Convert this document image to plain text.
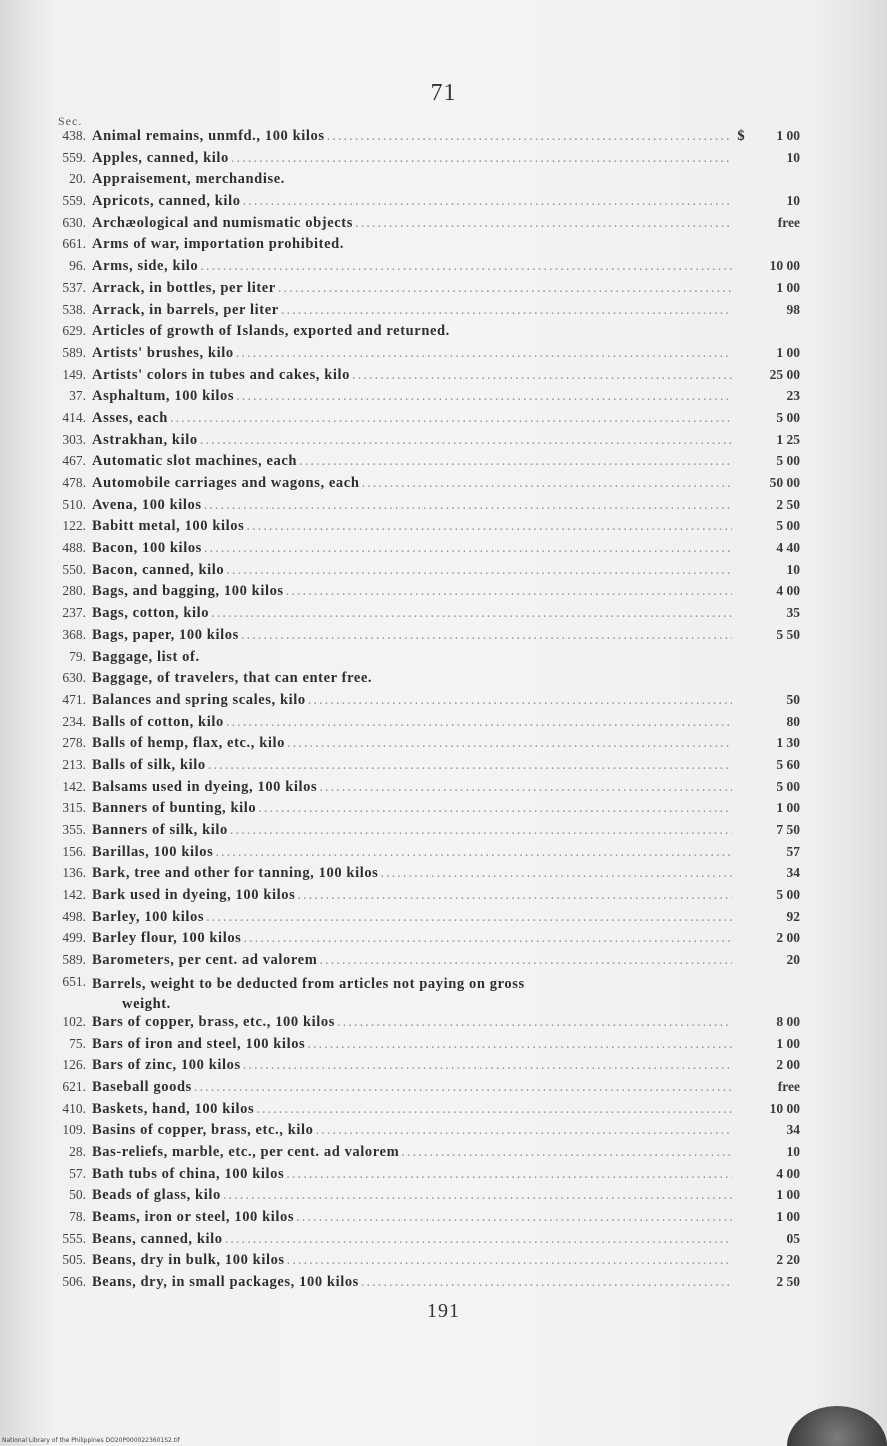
71
Sec.
438. Animal remains, unmfd., 100 kilos .....	$	1 00
559. Apples, canned, kilo .....	10
20. Appraisement, merchandise.
559. Apricots, canned, kilo .....	10
630. Archæological and numismatic objects .....	free
661. Arms of war, importation prohibited.
96. Arms, side, kilo .....	10 00
537. Arrack, in bottles, per liter .....	1 00
538. Arrack, in barrels, per liter .....	98
629. Articles of growth of Islands, exported and returned.
589. Artists' brushes, kilo .....	1 00
149. Artists' colors in tubes and cakes, kilo .....	25 00
37. Asphaltum, 100 kilos .....	23
414. Asses, each .....	5 00
303. Astrakhan, kilo .....	1 25
467. Automatic slot machines, each .....	5 00
478. Automobile carriages and wagons, each .....	50 00
510. Avena, 100 kilos .....	2 50
122. Babitt metal, 100 kilos .....	5 00
488. Bacon, 100 kilos .....	4 40
550. Bacon, canned, kilo .....	10
280. Bags, and bagging, 100 kilos .....	4 00
237. Bags, cotton, kilo .....	35
368. Bags, paper, 100 kilos .....	5 50
79. Baggage, list of.
630. Baggage, of travelers, that can enter free.
471. Balances and spring scales, kilo .....	50
234. Balls of cotton, kilo .....	80
278. Balls of hemp, flax, etc., kilo .....	1 30
213. Balls of silk, kilo .....	5 60
142. Balsams used in dyeing, 100 kilos .....	5 00
315. Banners of bunting, kilo .....	1 00
355. Banners of silk, kilo .....	7 50
156. Barillas, 100 kilos .....	57
136. Bark, tree and other for tanning, 100 kilos .....	34
142. Bark used in dyeing, 100 kilos .....	5 00
498. Barley, 100 kilos .....	92
499. Barley flour, 100 kilos .....	2 00
589. Barometers, per cent. ad valorem .....	20
651. Barrels, weight to be deducted from articles not paying on gross
weight.
102. Bars of copper, brass, etc., 100 kilos .....	8 00
75. Bars of iron and steel, 100 kilos .....	1 00
126. Bars of zinc, 100 kilos .....	2 00
621. Baseball goods .....	free
410. Baskets, hand, 100 kilos .....	10 00
109. Basins of copper, brass, etc., kilo .....	34
28. Bas-reliefs, marble, etc., per cent. ad valorem .....	10
57. Bath tubs of china, 100 kilos .....	4 00
50. Beads of glass, kilo .....	1 00
78. Beams, iron or steel, 100 kilos .....	1 00
555. Beans, canned, kilo .....	05
505. Beans, dry in bulk, 100 kilos .....	2 20
506. Beans, dry, in small packages, 100 kilos .....	2 50
191
National Library of the Philippines DO20P0000223601S2.tif
